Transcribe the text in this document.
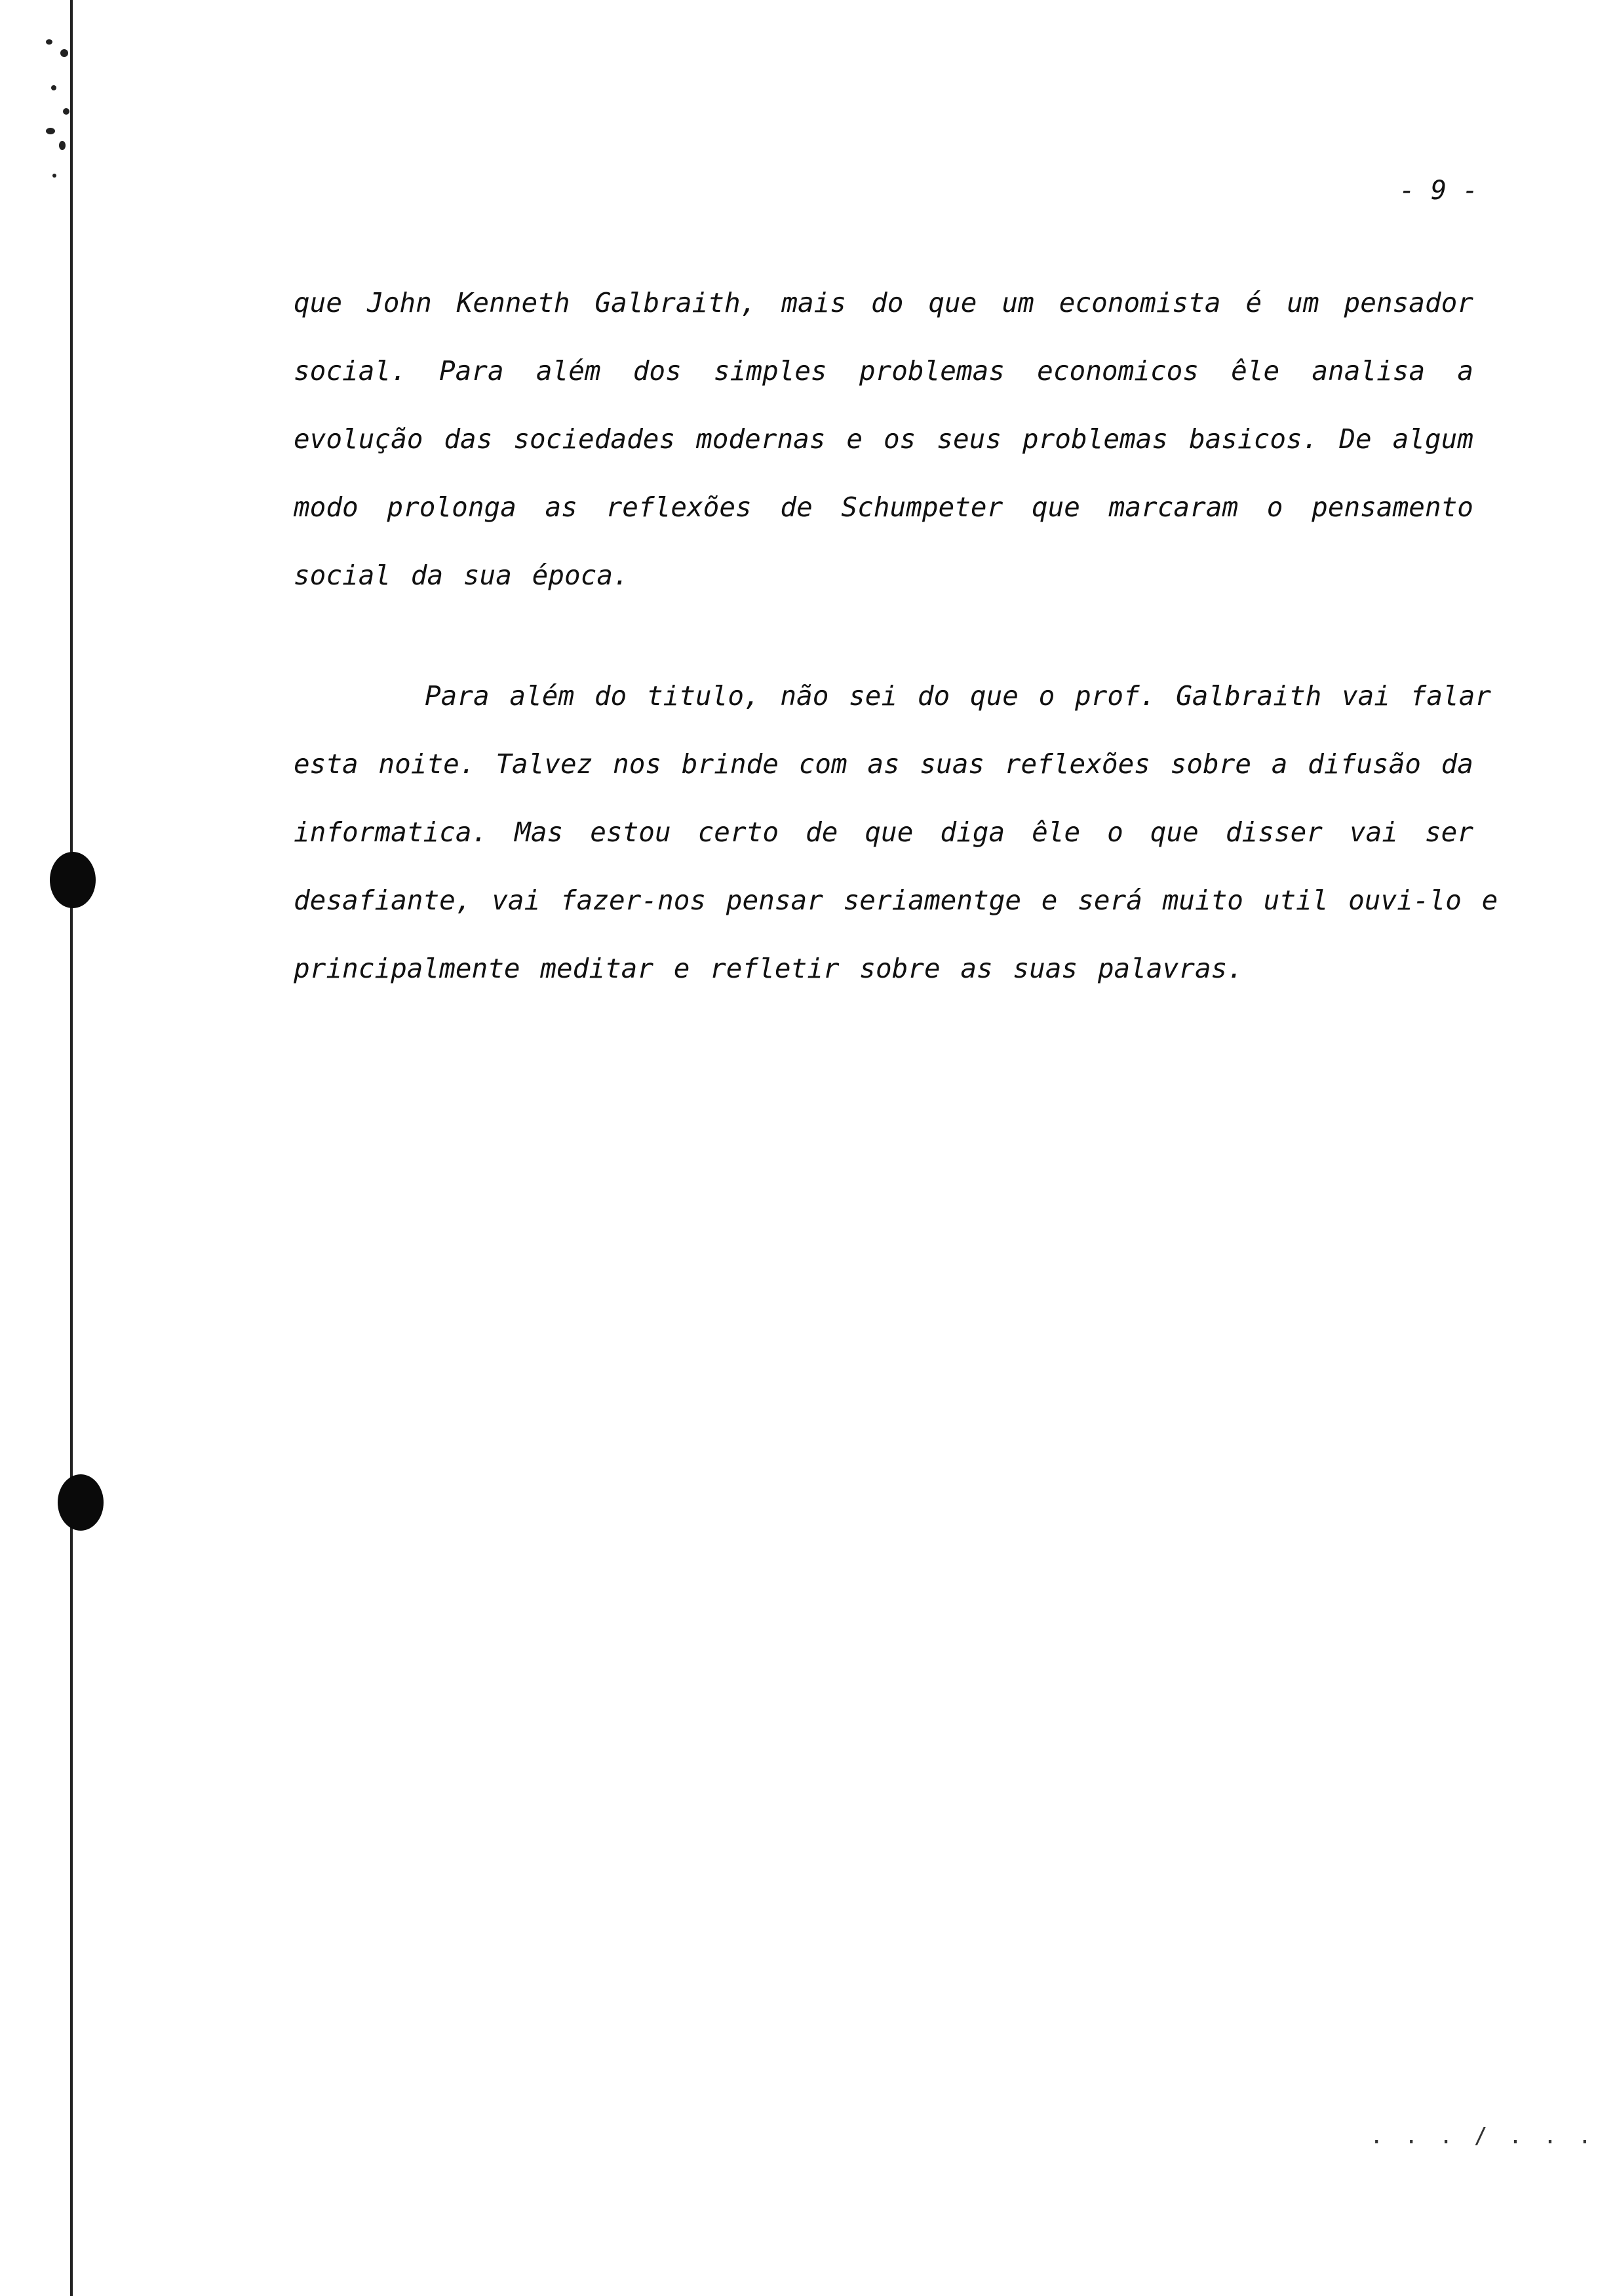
- 9 -
que John Kenneth Galbraith, mais do que um economista é um pensador
social. Para além dos simples problemas economicos êle analisa a
evolução das sociedades modernas e os seus problemas basicos. De algum
modo prolonga as reflexões de Schumpeter que marcaram o pensamento
social da sua época.
Para além do titulo, não sei do que o prof. Galbraith vai falar
esta noite. Talvez nos brinde com as suas reflexões sobre a difusão da
informatica. Mas estou certo de que diga êle o que disser vai ser
desafiante, vai fazer-nos pensar seriamentge e será muito util ouvi-lo e
principalmente meditar e refletir sobre as suas palavras.
. . . / . . .
